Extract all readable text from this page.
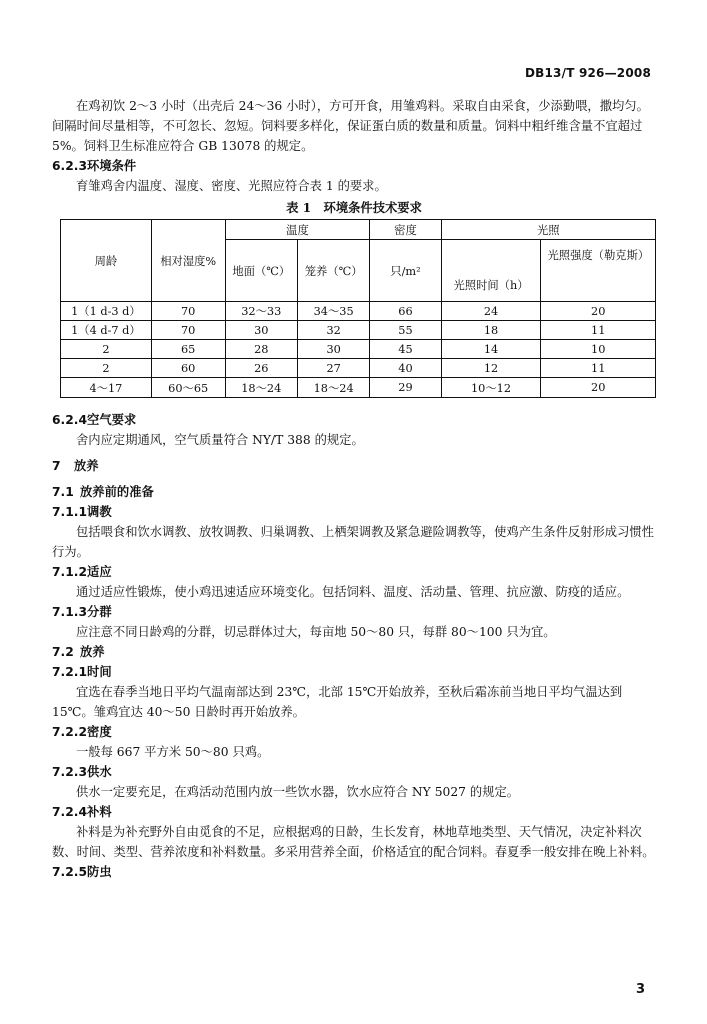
DB13/T 926—2008

在鸡初饮 2～3 小时（出壳后 24～36 小时），方可开食，用雏鸡料。采取自由采食，少添勤喂，撒均匀。间隔时间尽量相等，不可忽长、忽短。饲料要多样化，保证蛋白质的数量和质量。饲料中粗纤维含量不宜超过 5%。饲料卫生标准应符合 GB 13078 的规定。

6.2.3环境条件

育雏鸡舍内温度、湿度、密度、光照应符合表 1 的要求。

表 1　环境条件技术要求

周龄	相对湿度%	温度		密度	光照	
		地面（℃）	笼养（℃）	只/m²	光照时间（h）	光照强度（勒克斯）
1（1 d-3 d）	70	32～33	34～35	66	24	20
1（4 d-7 d）	70	30	32	55	18	11
2	65	28	30	45	14	10
2	60	26	27	40	12	11
4～17	60～65	18～24	18～24	29	10～12	20

6.2.4空气要求

舍内应定期通风，空气质量符合 NY/T 388 的规定。

7 放养

7.1 放养前的准备

7.1.1调教

包括喂食和饮水调教、放牧调教、归巢调教、上栖架调教及紧急避险调教等，使鸡产生条件反射形成习惯性行为。

7.1.2适应

通过适应性锻炼，使小鸡迅速适应环境变化。包括饲料、温度、活动量、管理、抗应激、防疫的适应。

7.1.3分群

应注意不同日龄鸡的分群，切忌群体过大，每亩地 50～80 只，每群 80～100 只为宜。

7.2 放养

7.2.1时间

宜选在春季当地日平均气温南部达到 23℃，北部 15℃开始放养，至秋后霜冻前当地日平均气温达到 15℃。雏鸡宜达 40～50 日龄时再开始放养。

7.2.2密度

一般每 667 平方米 50～80 只鸡。

7.2.3供水

供水一定要充足，在鸡活动范围内放一些饮水器，饮水应符合 NY 5027 的规定。

7.2.4补料

补料是为补充野外自由觅食的不足，应根据鸡的日龄，生长发育，林地草地类型、天气情况，决定补料次数、时间、类型、营养浓度和补料数量。多采用营养全面，价格适宜的配合饲料。春夏季一般安排在晚上补料。

7.2.5防虫

3
